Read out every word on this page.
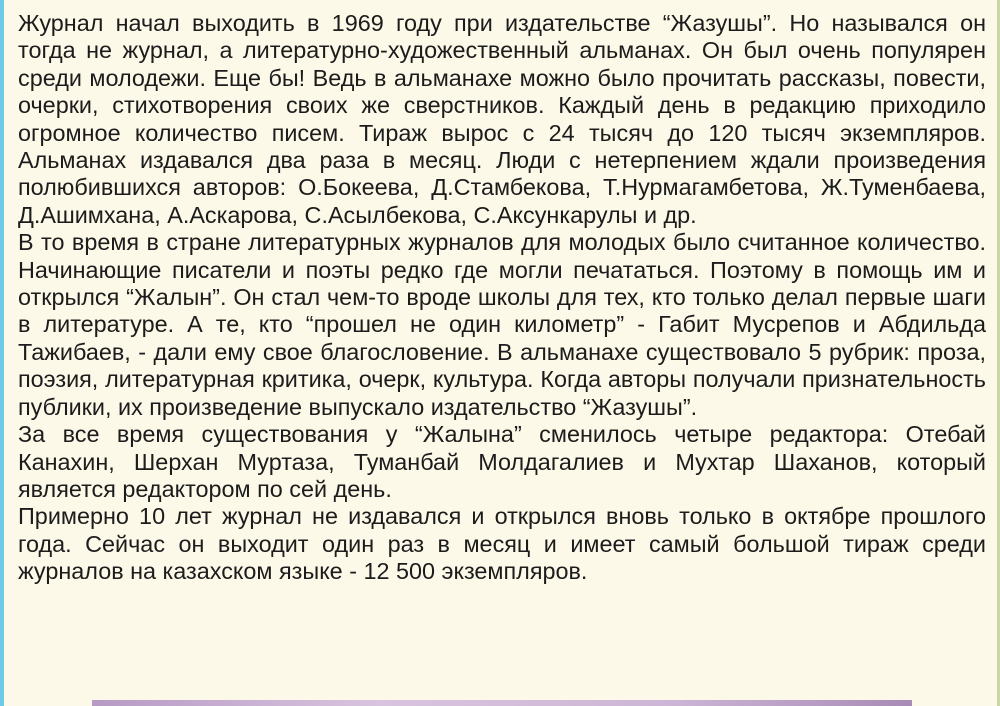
Журнал начал выходить в 1969 году при издательстве “Жазушы”. Но назывался он тогда не журнал, а литературно-художественный альманах. Он был очень популярен среди молодежи. Еще бы! Ведь в альманахе можно было прочитать рассказы, повести, очерки, стихотворения своих же сверстников. Каждый день в редакцию приходило огромное количество писем. Тираж вырос с 24 тысяч до 120 тысяч экземпляров. Альманах издавался два раза в месяц. Люди с нетерпением ждали произведения полюбившихся авторов: О.Бокеева, Д.Стамбекова, Т.Нурмагамбетова, Ж.Туменбаева, Д.Ашимхана, А.Аскарова, С.Асылбекова, С.Аксункарулы и др.

В то время в стране литературных журналов для молодых было считанное количество. Начинающие писатели и поэты редко где могли печататься. Поэтому в помощь им и открылся “Жалын”. Он стал чем-то вроде школы для тех, кто только делал первые шаги в литературе. А те, кто “прошел не один километр” - Габит Мусрепов и Абдильда Тажибаев, - дали ему свое благословение. В альманахе существовало 5 рубрик: проза, поэзия, литературная критика, очерк, культура. Когда авторы получали признательность публики, их произведение выпускало издательство “Жазушы”.

За все время существования у “Жалына” сменилось четыре редактора: Отебай Канахин, Шерхан Муртаза, Туманбай Молдагалиев и Мухтар Шаханов, который является редактором по сей день.

Примерно 10 лет журнал не издавался и открылся вновь только в октябре прошлого года. Сейчас он выходит один раз в месяц и имеет самый большой тираж среди журналов на казахском языке - 12 500 экземпляров.
